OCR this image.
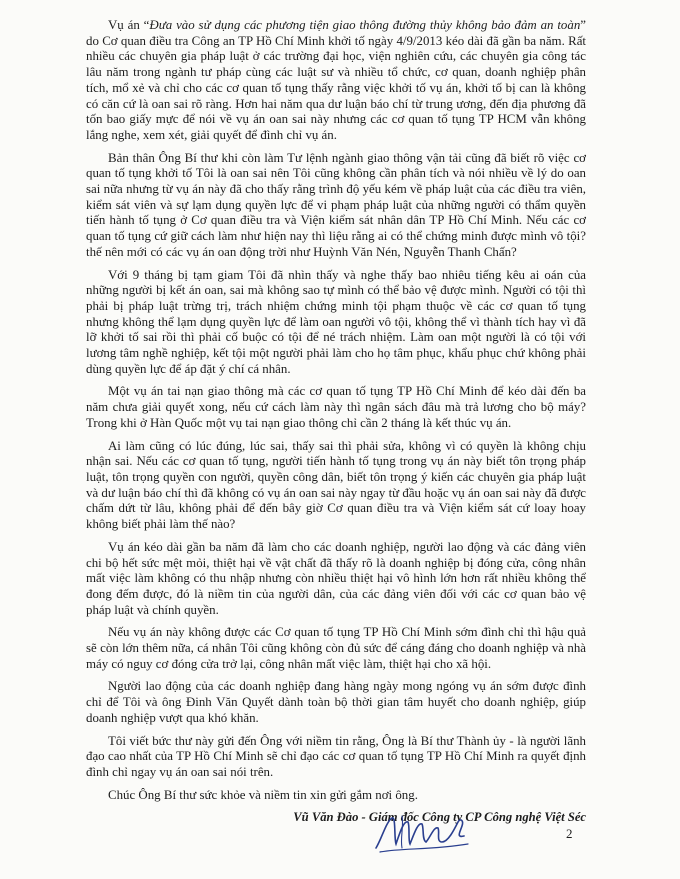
Vụ án “Đưa vào sử dụng các phương tiện giao thông đường thủy không bảo đảm an toàn” do Cơ quan điều tra Công an TP Hồ Chí Minh khởi tố ngày 4/9/2013 kéo dài đã gần ba năm. Rất nhiều các chuyên gia pháp luật ở các trường đại học, viện nghiên cứu, các chuyên gia công tác lâu năm trong ngành tư pháp cùng các luật sư và nhiều tổ chức, cơ quan, doanh nghiệp phân tích, mổ xẻ và chỉ cho các cơ quan tố tụng thấy rằng việc khởi tố vụ án, khởi tố bị can là không có căn cứ là oan sai rõ ràng. Hơn hai năm qua dư luận báo chí từ trung ương, đến địa phương đã tốn bao giấy mực để nói về vụ án oan sai này nhưng các cơ quan tố tụng TP HCM vẫn không lắng nghe, xem xét, giải quyết để đình chỉ vụ án.

Bản thân Ông Bí thư khi còn làm Tư lệnh ngành giao thông vận tải cũng đã biết rõ việc cơ quan tố tụng khởi tố Tôi là oan sai nên Tôi cũng không cần phân tích và nói nhiều về lý do oan sai nữa nhưng từ vụ án này đã cho thấy rằng trình độ yếu kém về pháp luật của các điều tra viên, kiểm sát viên và sự lạm dụng quyền lực để vi phạm pháp luật của những người có thẩm quyền tiến hành tố tụng ở Cơ quan điều tra và Viện kiểm sát nhân dân TP Hồ Chí Minh. Nếu các cơ quan tố tụng cứ giữ cách làm như hiện nay thì liệu rằng ai có thể chứng minh được mình vô tội? thế nên mới có các vụ án oan động trời như Huỳnh Văn Nén, Nguyễn Thanh Chấn?

Với 9 tháng bị tạm giam Tôi đã nhìn thấy và nghe thấy bao nhiêu tiếng kêu ai oán của những người bị kết án oan, sai mà không sao tự mình có thể bảo vệ được mình. Người có tội thì phải bị pháp luật trừng trị, trách nhiệm chứng minh tội phạm thuộc về các cơ quan tố tụng nhưng không thể lạm dụng quyền lực để làm oan người vô tội, không thể vì thành tích hay vì đã lỡ khởi tố sai rồi thì phải cố buộc có tội để né trách nhiệm. Làm oan một người là có tội với lương tâm nghề nghiệp, kết tội một người phải làm cho họ tâm phục, khẩu phục chứ không phải dùng quyền lực để áp đặt ý chí cá nhân.

Một vụ án tai nạn giao thông mà các cơ quan tố tụng TP Hồ Chí Minh để kéo dài đến ba năm chưa giải quyết xong, nếu cứ cách làm này thì ngân sách đâu mà trả lương cho bộ máy? Trong khi ở Hàn Quốc một vụ tai nạn giao thông chỉ cần 2 tháng là kết thúc vụ án.

Ai làm cũng có lúc đúng, lúc sai, thấy sai thì phải sửa, không vì có quyền là không chịu nhận sai. Nếu các cơ quan tố tụng, người tiến hành tố tụng trong vụ án này biết tôn trọng pháp luật, tôn trọng quyền con người, quyền công dân, biết tôn trọng ý kiến các chuyên gia pháp luật và dư luận báo chí thì đã không có vụ án oan sai này ngay từ đầu hoặc vụ án oan sai này đã được chấm dứt từ lâu, không phải để đến bây giờ Cơ quan điều tra và Viện kiểm sát cứ loay hoay không biết phải làm thế nào?

Vụ án kéo dài gần ba năm đã làm cho các doanh nghiệp, người lao động và các đảng viên chi bộ hết sức mệt mỏi, thiệt hại về vật chất đã thấy rõ là doanh nghiệp bị đóng cửa, công nhân mất việc làm không có thu nhập nhưng còn nhiều thiệt hại vô hình lớn hơn rất nhiều không thể đong đếm được, đó là niềm tin của người dân, của các đảng viên đối với các cơ quan bảo vệ pháp luật và chính quyền.

Nếu vụ án này không được các Cơ quan tố tụng TP Hồ Chí Minh sớm đình chỉ thì hậu quả sẽ còn lớn thêm nữa, cá nhân Tôi cũng không còn đủ sức để cáng đáng cho doanh nghiệp và nhà máy có nguy cơ đóng cửa trở lại, công nhân mất việc làm, thiệt hại cho xã hội.

Người lao động của các doanh nghiệp đang hàng ngày mong ngóng vụ án sớm được đình chỉ để Tôi và ông Đinh Văn Quyết dành toàn bộ thời gian tâm huyết cho doanh nghiệp, giúp doanh nghiệp vượt qua khó khăn.

Tôi viết bức thư này gửi đến Ông với niềm tin rằng, Ông là Bí thư Thành ủy - là người lãnh đạo cao nhất của TP Hồ Chí Minh sẽ chỉ đạo các cơ quan tố tụng TP Hồ Chí Minh ra quyết định đình chỉ ngay vụ án oan sai nói trên.

Chúc Ông Bí thư sức khỏe và niềm tin xin gửi gắm nơi ông.

Vũ Văn Đào - Giám đốc Công ty CP Công nghệ Việt Séc

2
